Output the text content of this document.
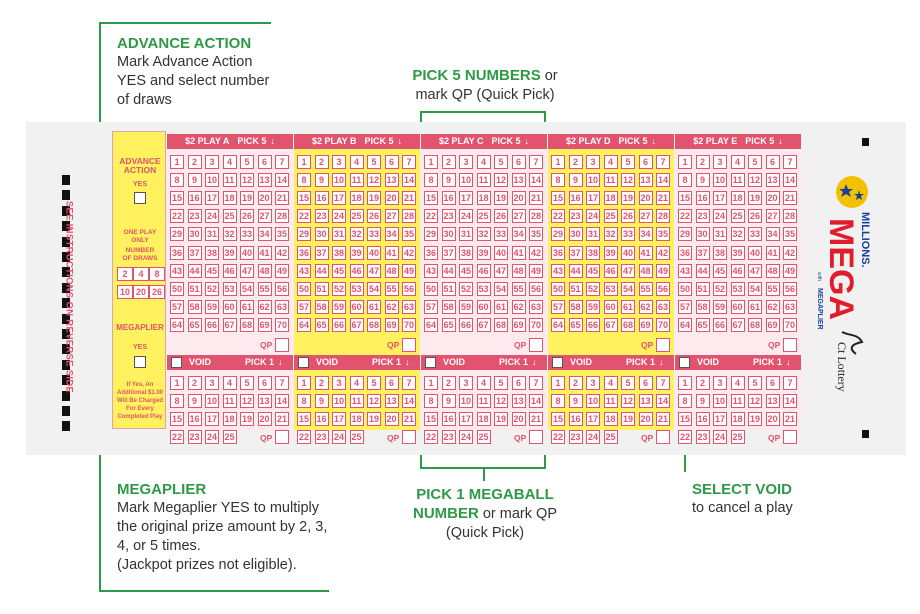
ADVANCE ACTION
Mark Advance Action
YES and select number
of draws
PICK 5 NUMBERS or
mark QP (Quick Pick)
MEGAPLIER
Mark Megaplier YES to multiply
the original prize amount by 2, 3,
4, or 5 times.
(Jackpot prizes not eligible).
PICK 1 MEGABALL
NUMBER or mark QP
(Quick Pick)
SELECT VOID
to cancel a play
SEE INSTRUCTIONS ON REVERSE SIDE
ADVANCE
ACTION
YES
ONE PLAY
ONLY
NUMBER
OF DRAWS
2	4	8
10 20 26
MEGAPLIER
YES
If Yes, An
Additional $1.00
Will Be Charged
For Every
Completed Play
$2 PLAY A PICK 5 ↓
1	2	3	4	5	6	7
8	9	10 11 12 13 14
15 16 17 18 19 20 21
22 23 24 25 26 27 28
29 30 31 32 33 34 35
36 37 38 39 40 41 42
43 44 45 46 47 48 49
50 51 52 53 54 55 56
57 58 59 60 61 62 63
64 65 66 67 68 69 70
QP
VOID	PICK 1 ↓
1	2	3	4	5	6	7
8	9	10 11 12 13 14
15 16 17 18 19 20 21
22 23 24 25	QP
$2 PLAY B PICK 5 ↓
1	2	3	4	5	6	7
8	9	10 11 12 13 14
15 16 17 18 19 20 21
22 23 24 25 26 27 28
29 30 31 32 33 34 35
36 37 38 39 40 41 42
43 44 45 46 47 48 49
50 51 52 53 54 55 56
57 58 59 60 61 62 63
64 65 66 67 68 69 70
QP
VOID	PICK 1 ↓
1	2	3	4	5	6	7
8	9	10 11 12 13 14
15 16 17 18 19 20 21
22 23 24 25	QP
$2 PLAY C PICK 5 ↓
1	2	3	4	5	6	7
8	9	10 11 12 13 14
15 16 17 18 19 20 21
22 23 24 25 26 27 28
29 30 31 32 33 34 35
36 37 38 39 40 41 42
43 44 45 46 47 48 49
50 51 52 53 54 55 56
57 58 59 60 61 62 63
64 65 66 67 68 69 70
QP
VOID	PICK 1 ↓
1	2	3	4	5	6	7
8	9	10 11 12 13 14
15 16 17 18 19 20 21
22 23 24 25	QP
$2 PLAY D PICK 5 ↓
1	2	3	4	5	6	7
8	9	10 11 12 13 14
15 16 17 18 19 20 21
22 23 24 25 26 27 28
29 30 31 32 33 34 35
36 37 38 39 40 41 42
43 44 45 46 47 48 49
50 51 52 53 54 55 56
57 58 59 60 61 62 63
64 65 66 67 68 69 70
QP
VOID	PICK 1 ↓
1	2	3	4	5	6	7
8	9	10 11 12 13 14
15 16 17 18 19 20 21
22 23 24 25	QP
$2 PLAY E PICK 5 ↓
1	2	3	4	5	6	7
8	9	10 11 12 13 14
15 16 17 18 19 20 21
22 23 24 25 26 27 28
29 30 31 32 33 34 35
36 37 38 39 40 41 42
43 44 45 46 47 48 49
50 51 52 53 54 55 56
57 58 59 60 61 62 63
64 65 66 67 68 69 70
QP
VOID	PICK 1 ↓
1	2	3	4	5	6	7
8	9	10 11 12 13 14
15 16 17 18 19 20 21
22 23 24 25	QP
MEGA MILLIONS.
MEGAPLIER
with
Ct Lottery
